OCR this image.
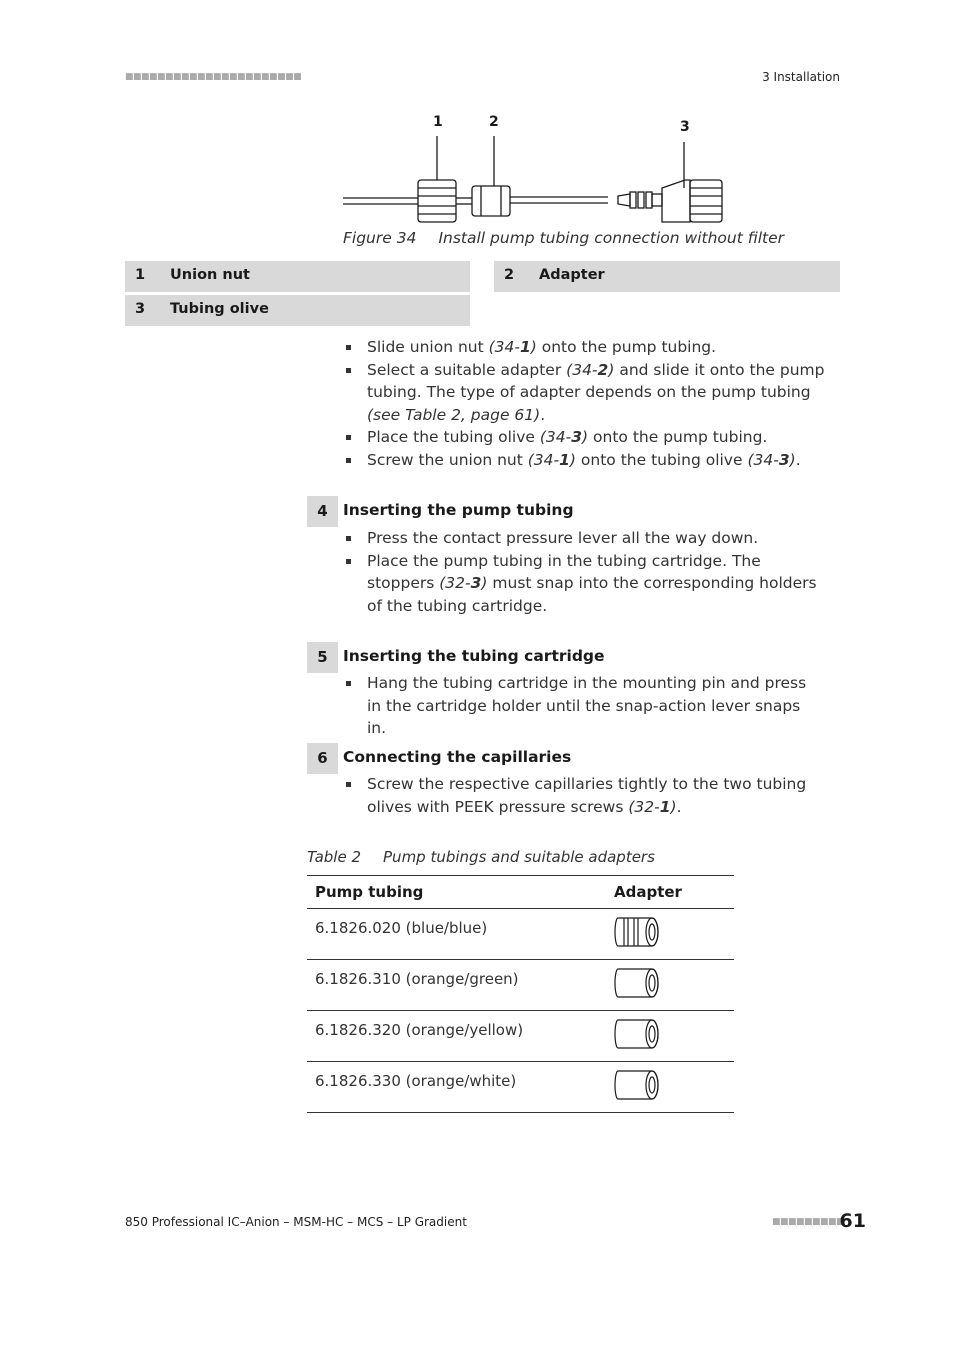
■■■■■■■■■■■■■■■■■■■■■■	3 Installation
1	2	3
Figure 34 Install pump tubing connection without filter
1 Union nut	2 Adapter
3 Tubing olive
Slide union nut (34-1) onto the pump tubing.
Select a suitable adapter (34-2) and slide it onto the pump tubing. The type of adapter depends on the pump tubing (see Table 2, page 61).
Place the tubing olive (34-3) onto the pump tubing.
Screw the union nut (34-1) onto the tubing olive (34-3).
4 Inserting the pump tubing
Press the contact pressure lever all the way down.
Place the pump tubing in the tubing cartridge. The stoppers (32-3) must snap into the corresponding holders of the tubing cartridge.
5 Inserting the tubing cartridge
Hang the tubing cartridge in the mounting pin and press in the cartridge holder until the snap-action lever snaps in.
6 Connecting the capillaries
Screw the respective capillaries tightly to the two tubing olives with PEEK pressure screws (32-1).
Table 2 Pump tubings and suitable adapters
Pump tubing	Adapter
6.1826.020 (blue/blue)	
6.1826.310 (orange/green)	
6.1826.320 (orange/yellow)	
6.1826.330 (orange/white)	
850 Professional IC–Anion – MSM-HC – MCS – LP Gradient	■■■■■■■■■
61
